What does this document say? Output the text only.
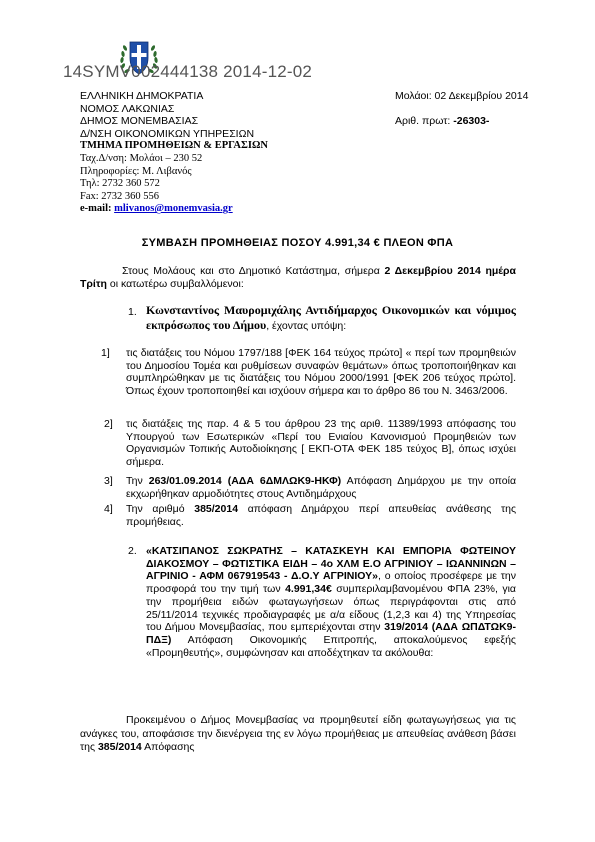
14SYMV002444138 2014-12-02
ΕΛΛΗΝΙΚΗ ΔΗΜΟΚΡΑΤΙΑ
ΝΟΜΟΣ ΛΑΚΩΝΙΑΣ
ΔΗΜΟΣ ΜΟΝΕΜΒΑΣΙΑΣ
Δ/ΝΣΗ ΟΙΚΟΝΟΜΙΚΩΝ ΥΠΗΡΕΣΙΩΝ
ΤΜΗΜΑ ΠΡΟΜΗΘΕΙΩΝ & ΕΡΓΑΣΙΩΝ
Ταχ.Δ/νση: Μολάοι – 230 52
Πληροφορίες: Μ. Λιβανός
Τηλ: 2732 360 572
Fax: 2732 360 556
e-mail: mlivanos@monemvasia.gr
Μολάοι: 02 Δεκεμβρίου 2014
Αριθ. πρωτ: -26303-
ΣΥΜΒΑΣΗ ΠΡΟΜΗΘΕΙΑΣ ΠΟΣΟΥ 4.991,34 € ΠΛΕΟΝ ΦΠΑ
Στους Μολάους και στο Δημοτικό Κατάστημα, σήμερα 2 Δεκεμβρίου 2014 ημέρα Τρίτη οι κατωτέρω συμβαλλόμενοι:
1. Κωνσταντίνος Μαυρομιχάλης Αντιδήμαρχος Οικονομικών και νόμιμος εκπρόσωπος του Δήμου, έχοντας υπόψη:
1] τις διατάξεις του Νόμου 1797/188 [ΦΕΚ 164 τεύχος πρώτο] « περί των προμηθειών του Δημοσίου Τομέα και ρυθμίσεων συναφών θεμάτων» όπως τροποποιήθηκαν και συμπληρώθηκαν με τις διατάξεις του Νόμου 2000/1991 [ΦΕΚ 206 τεύχος πρώτο]. Όπως έχουν τροποποιηθεί και ισχύουν σήμερα και το άρθρο 86 του Ν. 3463/2006.
2] τις διατάξεις της παρ. 4 & 5 του άρθρου 23 της αριθ. 11389/1993 απόφασης του Υπουργού των Εσωτερικών «Περί του Ενιαίου Κανονισμού Προμηθειών των Οργανισμών Τοπικής Αυτοδιοίκησης [ ΕΚΠ-ΟΤΑ ΦΕΚ 185 τεύχος Β], όπως ισχύει σήμερα.
3] Την 263/01.09.2014 (ΑΔΑ 6ΔΜΛΩΚ9-ΗΚΦ) Απόφαση Δημάρχου με την οποία εκχωρήθηκαν αρμοδιότητες στους Αντιδημάρχους
4] Την αριθμό 385/2014 απόφαση Δημάρχου περί απευθείας ανάθεσης της προμήθειας.
2. «ΚΑΤΣΙΠΑΝΟΣ ΣΩΚΡΑΤΗΣ – ΚΑΤΑΣΚΕΥΗ ΚΑΙ ΕΜΠΟΡΙΑ ΦΩΤΕΙΝΟΥ ΔΙΑΚΟΣΜΟΥ – ΦΩΤΙΣΤΙΚΑ ΕΙΔΗ – 4ο ΧΛΜ Ε.Ο ΑΓΡΙΝΙΟΥ – ΙΩΑΝΝΙΝΩΝ – ΑΓΡΙΝΙΟ - ΑΦΜ 067919543 - Δ.Ο.Υ ΑΓΡΙΝΙΟΥ», ο οποίος προσέφερε με την προσφορά του την τιμή των 4.991,34€ συμπεριλαμβανομένου ΦΠΑ 23%, για την προμήθεια ειδών φωταγωγήσεων όπως περιγράφονται στις από 25/11/2014 τεχνικές προδιαγραφές με α/α είδους (1,2,3 και 4) της Υπηρεσίας του Δήμου Μονεμβασίας, που εμπεριέχονται στην 319/2014 (ΑΔΑ ΩΠΔΤΩΚ9-ΠΔΞ) Απόφαση Οικονομικής Επιτροπής, αποκαλούμενος εφεξής «Προμηθευτής», συμφώνησαν και αποδέχτηκαν τα ακόλουθα:
Προκειμένου ο Δήμος Μονεμβασίας να προμηθευτεί είδη φωταγωγήσεως για τις ανάγκες του, αποφάσισε την διενέργεια της εν λόγω προμήθειας με απευθείας ανάθεση βάσει της 385/2014 Απόφασης
